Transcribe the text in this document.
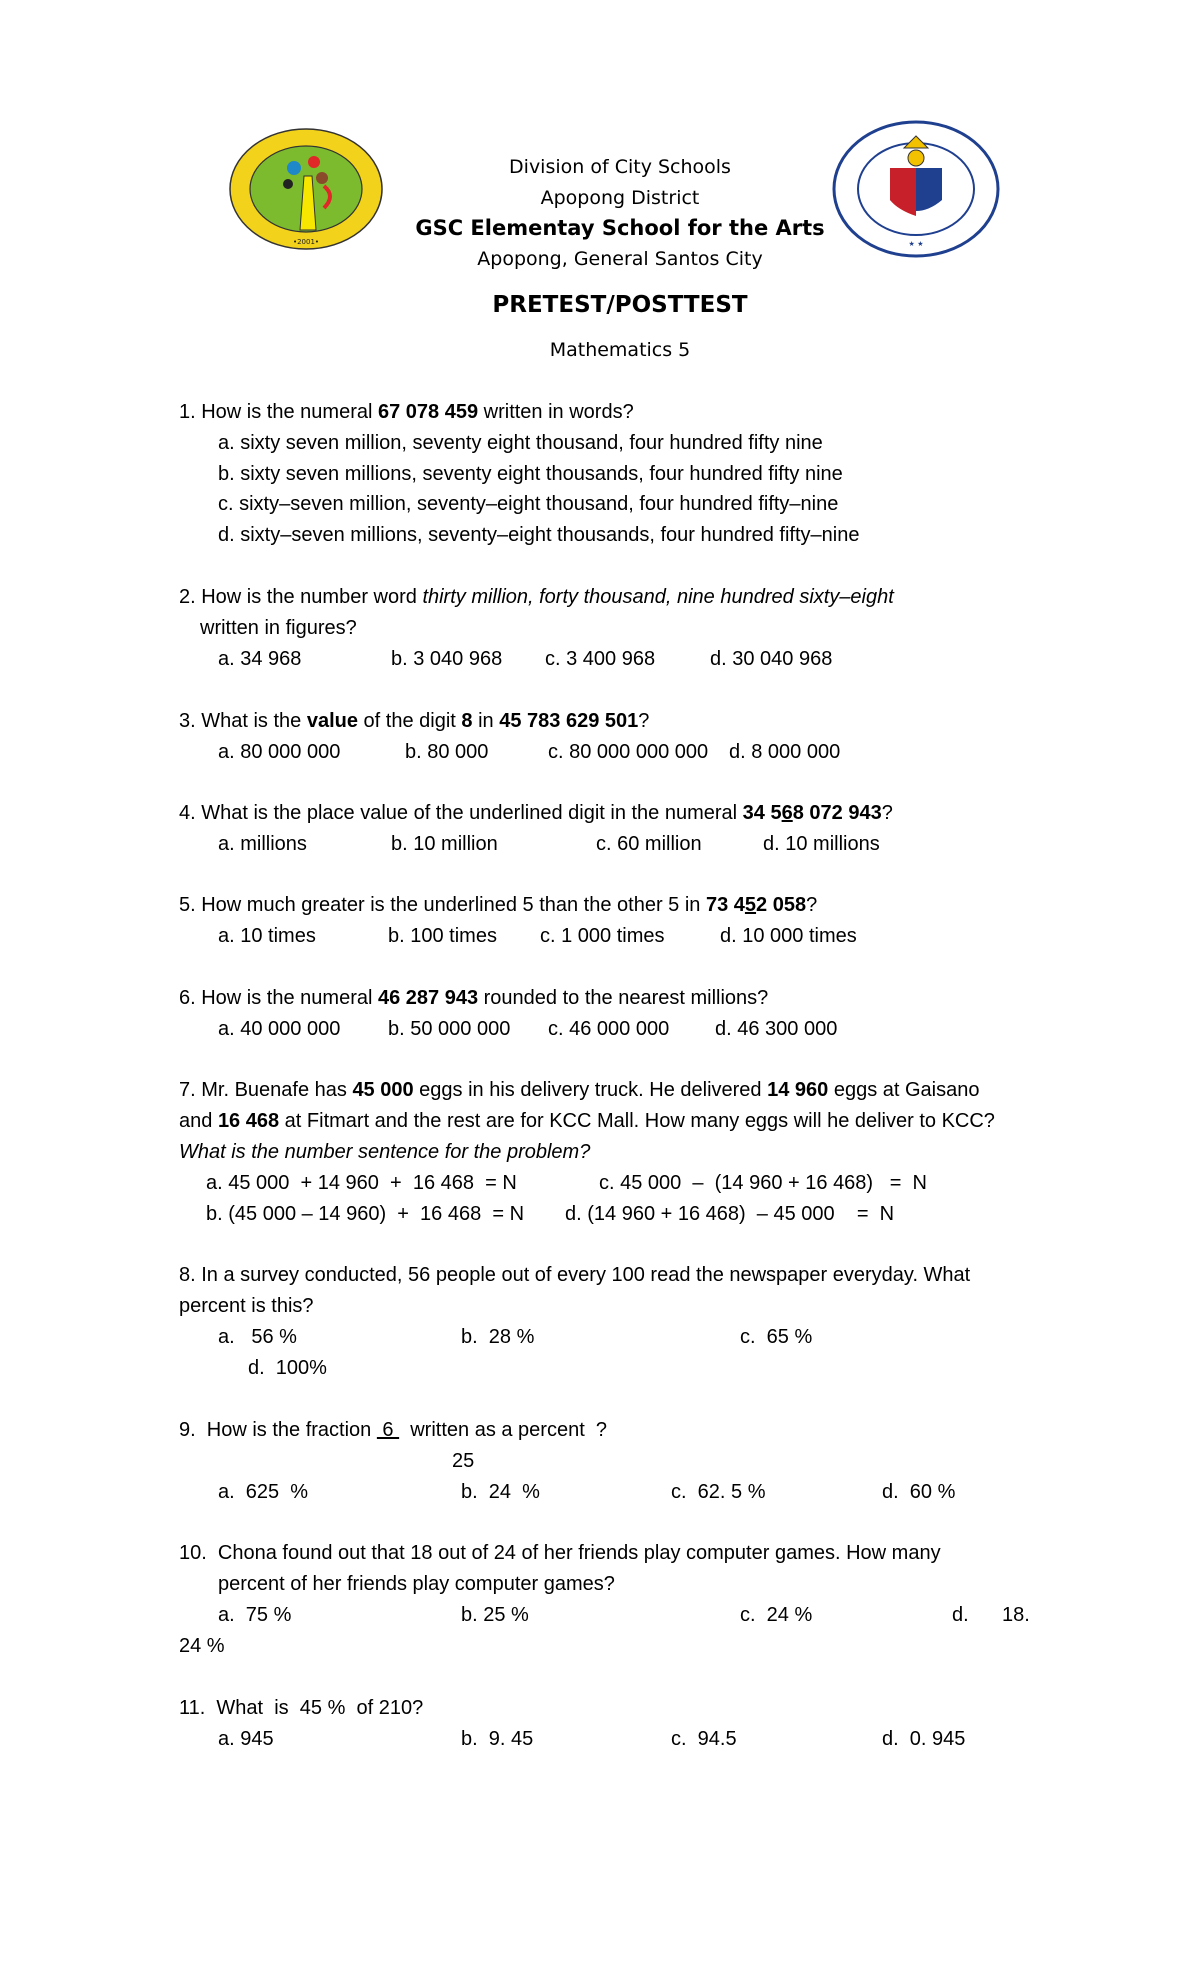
•2001•	★ ★
Division of City Schools
Apopong District
GSC Elementay School for the Arts
Apopong, General Santos City
PRETEST/POSTTEST
Mathematics 5
1. How is the numeral 67 078 459 written in words?
a. sixty seven million, seventy eight thousand, four hundred fifty nine
b. sixty seven millions, seventy eight thousands, four hundred fifty nine
c. sixty–seven million, seventy–eight thousand, four hundred fifty–nine
d. sixty–seven millions, seventy–eight thousands, four hundred fifty–nine
2. How is the number word thirty million, forty thousand, nine hundred sixty–eight
written in figures?
a. 34 968	b. 3 040 968 c. 3 400 968	d. 30 040 968
3. What is the value of the digit 8 in 45 783 629 501?
a. 80 000 000	b. 80 000	c. 80 000 000 000 d. 8 000 000
4. What is the place value of the underlined digit in the numeral 34 568 072 943?
a. millions	b. 10 million	c. 60 million	d. 10 millions
5. How much greater is the underlined 5 than the other 5 in 73 452 058?
a. 10 times	b. 100 times c. 1 000 times	d. 10 000 times
6. How is the numeral 46 287 943 rounded to the nearest millions?
a. 40 000 000 b. 50 000 000 c. 46 000 000 d. 46 300 000
7. Mr. Buenafe has 45 000 eggs in his delivery truck. He delivered 14 960 eggs at Gaisano
and 16 468 at Fitmart and the rest are for KCC Mall. How many eggs will he deliver to KCC?
What is the number sentence for the problem?
a. 45 000  + 14 960  +  16 468  = N	c. 45 000  –  (14 960 + 16 468)   =  N
b. (45 000 – 14 960)  +  16 468  = N d. (14 960 + 16 468)  – 45 000    =  N
8. In a survey conducted, 56 people out of every 100 read the newspaper everyday. What
percent is this?
a.   56 %	b.  28 %	c.  65 %
d.  100%
9.  How is the fraction  6   written as a percent  ?
25
a.  625  %	b.  24  %	c.  62. 5 %	d.  60 %
10.  Chona found out that 18 out of 24 of her friends play computer games. How many
percent of her friends play computer games?
a.  75 %	b. 25 %	c.  24 %	d. 18.
24 %
11.  What  is  45 %  of 210?
a. 945	b.  9. 45	c.  94.5	d.  0. 945
